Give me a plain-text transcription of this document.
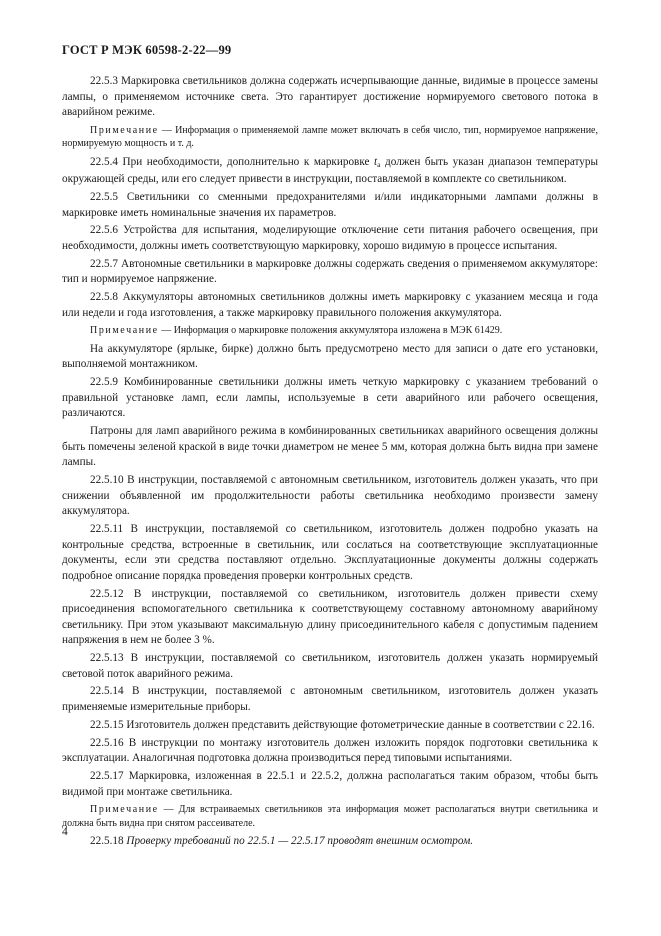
ГОСТ Р МЭК 60598-2-22—99

22.5.3 Маркировка светильников должна содержать исчерпывающие данные, видимые в процессе замены лампы, о применяемом источнике света. Это гарантирует достижение нормируемого светового потока в аварийном режиме.

Примечание — Информация о применяемой лампе может включать в себя число, тип, нормируемое напряжение, нормируемую мощность и т. д.

22.5.4 При необходимости, дополнительно к маркировке $t_a$ должен быть указан диапазон температуры окружающей среды, или его следует привести в инструкции, поставляемой в комплекте со светильником.

22.5.5 Светильники со сменными предохранителями и/или индикаторными лампами должны в маркировке иметь номинальные значения их параметров.

22.5.6 Устройства для испытания, моделирующие отключение сети питания рабочего освещения, при необходимости, должны иметь соответствующую маркировку, хорошо видимую в процессе испытания.

22.5.7 Автономные светильники в маркировке должны содержать сведения о применяемом аккумуляторе: тип и нормируемое напряжение.

22.5.8 Аккумуляторы автономных светильников должны иметь маркировку с указанием месяца и года или недели и года изготовления, а также маркировку правильного положения аккумулятора.

Примечание — Информация о маркировке положения аккумулятора изложена в МЭК 61429.

На аккумуляторе (ярлыке, бирке) должно быть предусмотрено место для записи о дате его установки, выполняемой монтажником.

22.5.9 Комбинированные светильники должны иметь четкую маркировку с указанием требований о правильной установке ламп, если лампы, используемые в сети аварийного или рабочего освещения, различаются.

Патроны для ламп аварийного режима в комбинированных светильниках аварийного освещения должны быть помечены зеленой краской в виде точки диаметром не менее 5 мм, которая должна быть видна при замене лампы.

22.5.10 В инструкции, поставляемой с автономным светильником, изготовитель должен указать, что при снижении объявленной им продолжительности работы светильника необходимо произвести замену аккумулятора.

22.5.11 В инструкции, поставляемой со светильником, изготовитель должен подробно указать на контрольные средства, встроенные в светильник, или сослаться на соответствующие эксплуатационные документы, если эти средства поставляют отдельно. Эксплуатационные документы должны содержать подробное описание порядка проведения проверки контрольных средств.

22.5.12 В инструкции, поставляемой со светильником, изготовитель должен привести схему присоединения вспомогательного светильника к соответствующему составному автономному аварийному светильнику. При этом указывают максимальную длину присоединительного кабеля с допустимым падением напряжения в нем не более 3 %.

22.5.13 В инструкции, поставляемой со светильником, изготовитель должен указать нормируемый световой поток аварийного режима.

22.5.14 В инструкции, поставляемой с автономным светильником, изготовитель должен указать применяемые измерительные приборы.

22.5.15 Изготовитель должен представить действующие фотометрические данные в соответствии с 22.16.

22.5.16 В инструкции по монтажу изготовитель должен изложить порядок подготовки светильника к эксплуатации. Аналогичная подготовка должна производиться перед типовыми испытаниями.

22.5.17 Маркировка, изложенная в 22.5.1 и 22.5.2, должна располагаться таким образом, чтобы быть видимой при монтаже светильника.

Примечание — Для встраиваемых светильников эта информация может располагаться внутри светильника и должна быть видна при снятом рассеивателе.

22.5.18 Проверку требований по 22.5.1 — 22.5.17 проводят внешним осмотром.

4
